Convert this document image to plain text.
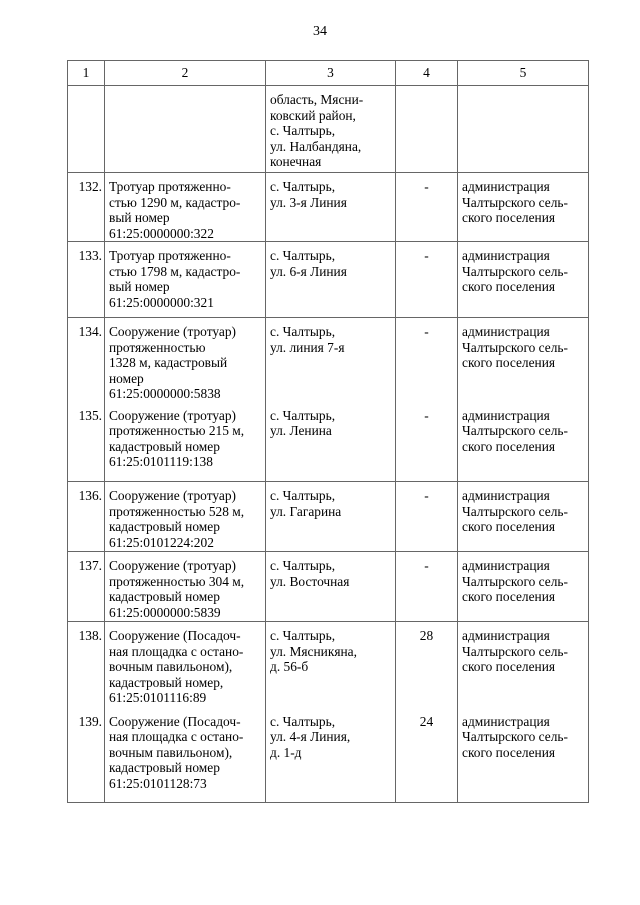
34
1	2	3	4	5
		область, Мясни-
ковский район,
с. Чалтырь,
ул. Налбандяна,
конечная		
132.	Тротуар протяженно-
стью 1290 м, кадастро-
вый номер
61:25:0000000:322	с. Чалтырь,
ул. 3-я Линия	-	администрация
Чалтырского сель-
ского поселения
133.	Тротуар протяженно-
стью 1798 м, кадастро-
вый номер
61:25:0000000:321	с. Чалтырь,
ул. 6-я Линия	-	администрация
Чалтырского сель-
ского поселения
134.	Сооружение (тротуар)
протяженностью
1328 м, кадастровый
номер
61:25:0000000:5838	с. Чалтырь,
ул. линия 7-я	-	администрация
Чалтырского сель-
ского поселения
135.	Сооружение (тротуар)
протяженностью 215 м,
кадастровый номер
61:25:0101119:138	с. Чалтырь,
ул. Ленина	-	администрация
Чалтырского сель-
ского поселения
136.	Сооружение (тротуар)
протяженностью 528 м,
кадастровый номер
61:25:0101224:202	с. Чалтырь,
ул. Гагарина	-	администрация
Чалтырского сель-
ского поселения
137.	Сооружение (тротуар)
протяженностью 304 м,
кадастровый номер
61:25:0000000:5839	с. Чалтырь,
ул. Восточная	-	администрация
Чалтырского сель-
ского поселения
138.	Сооружение (Посадоч-
ная площадка с остано-
вочным павильоном),
кадастровый номер,
61:25:0101116:89	с. Чалтырь,
ул. Мясникяна,
д. 56-б	28	администрация
Чалтырского сель-
ского поселения
139.	Сооружение (Посадоч-
ная площадка с остано-
вочным павильоном),
кадастровый номер
61:25:0101128:73	с. Чалтырь,
ул. 4-я Линия,
д. 1-д	24	администрация
Чалтырского сель-
ского поселения
